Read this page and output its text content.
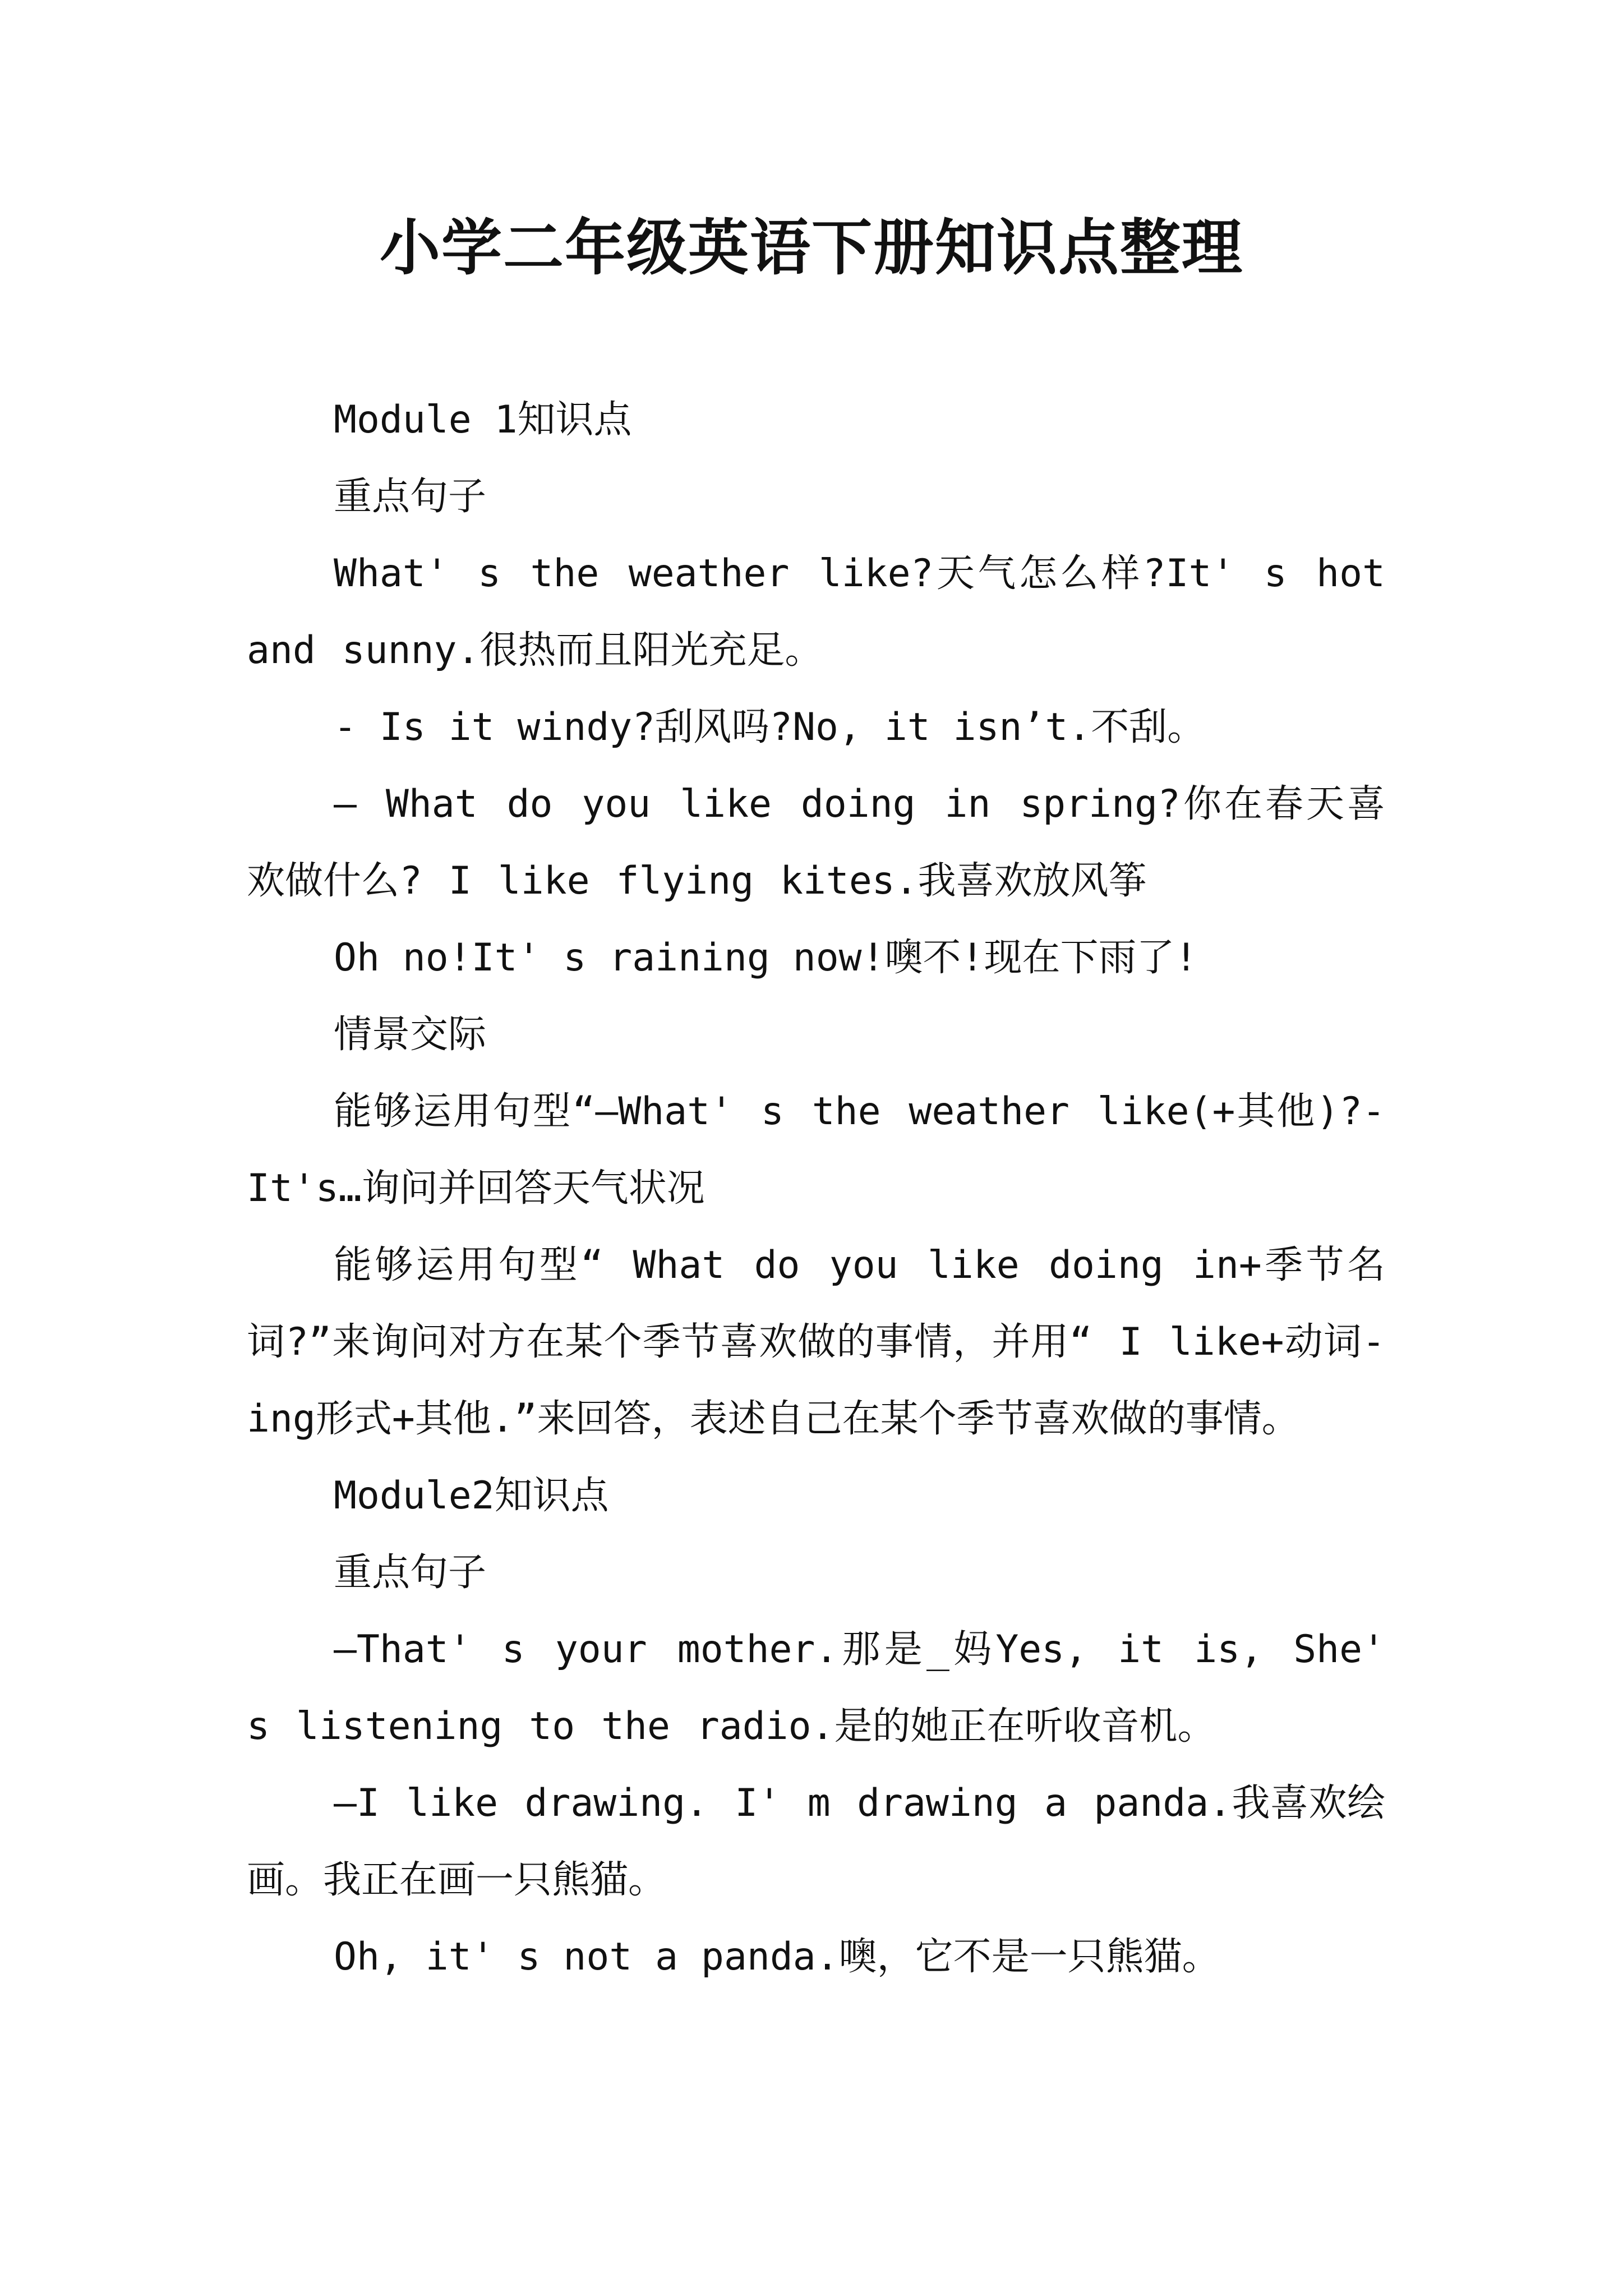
小学二年级英语下册知识点整理

Module 1知识点

重点句子

What' s the weather like?天气怎么样?It' s hot and sunny.很热而且阳光充足。

- Is it windy?刮风吗?No, it isn’t.不刮。

— What do you like doing in spring?你在春天喜欢做什么? I like flying kites.我喜欢放风筝

Oh no!It' s raining now!噢不!现在下雨了!

情景交际

能够运用句型“—What' s the weather like(+其他)?-It's…询问并回答天气状况

能够运用句型“ What do you like doing in+季节名词?”来询问对方在某个季节喜欢做的事情，并用“ I like+动词-ing形式+其他.”来回答，表述自己在某个季节喜欢做的事情。

Module2知识点

重点句子

—That' s your mother.那是_妈Yes, it is, She' s listening to the radio.是的她正在听收音机。

—I like drawing. I' m drawing a panda.我喜欢绘画。我正在画一只熊猫。

Oh, it' s not a panda.噢，它不是一只熊猫。
